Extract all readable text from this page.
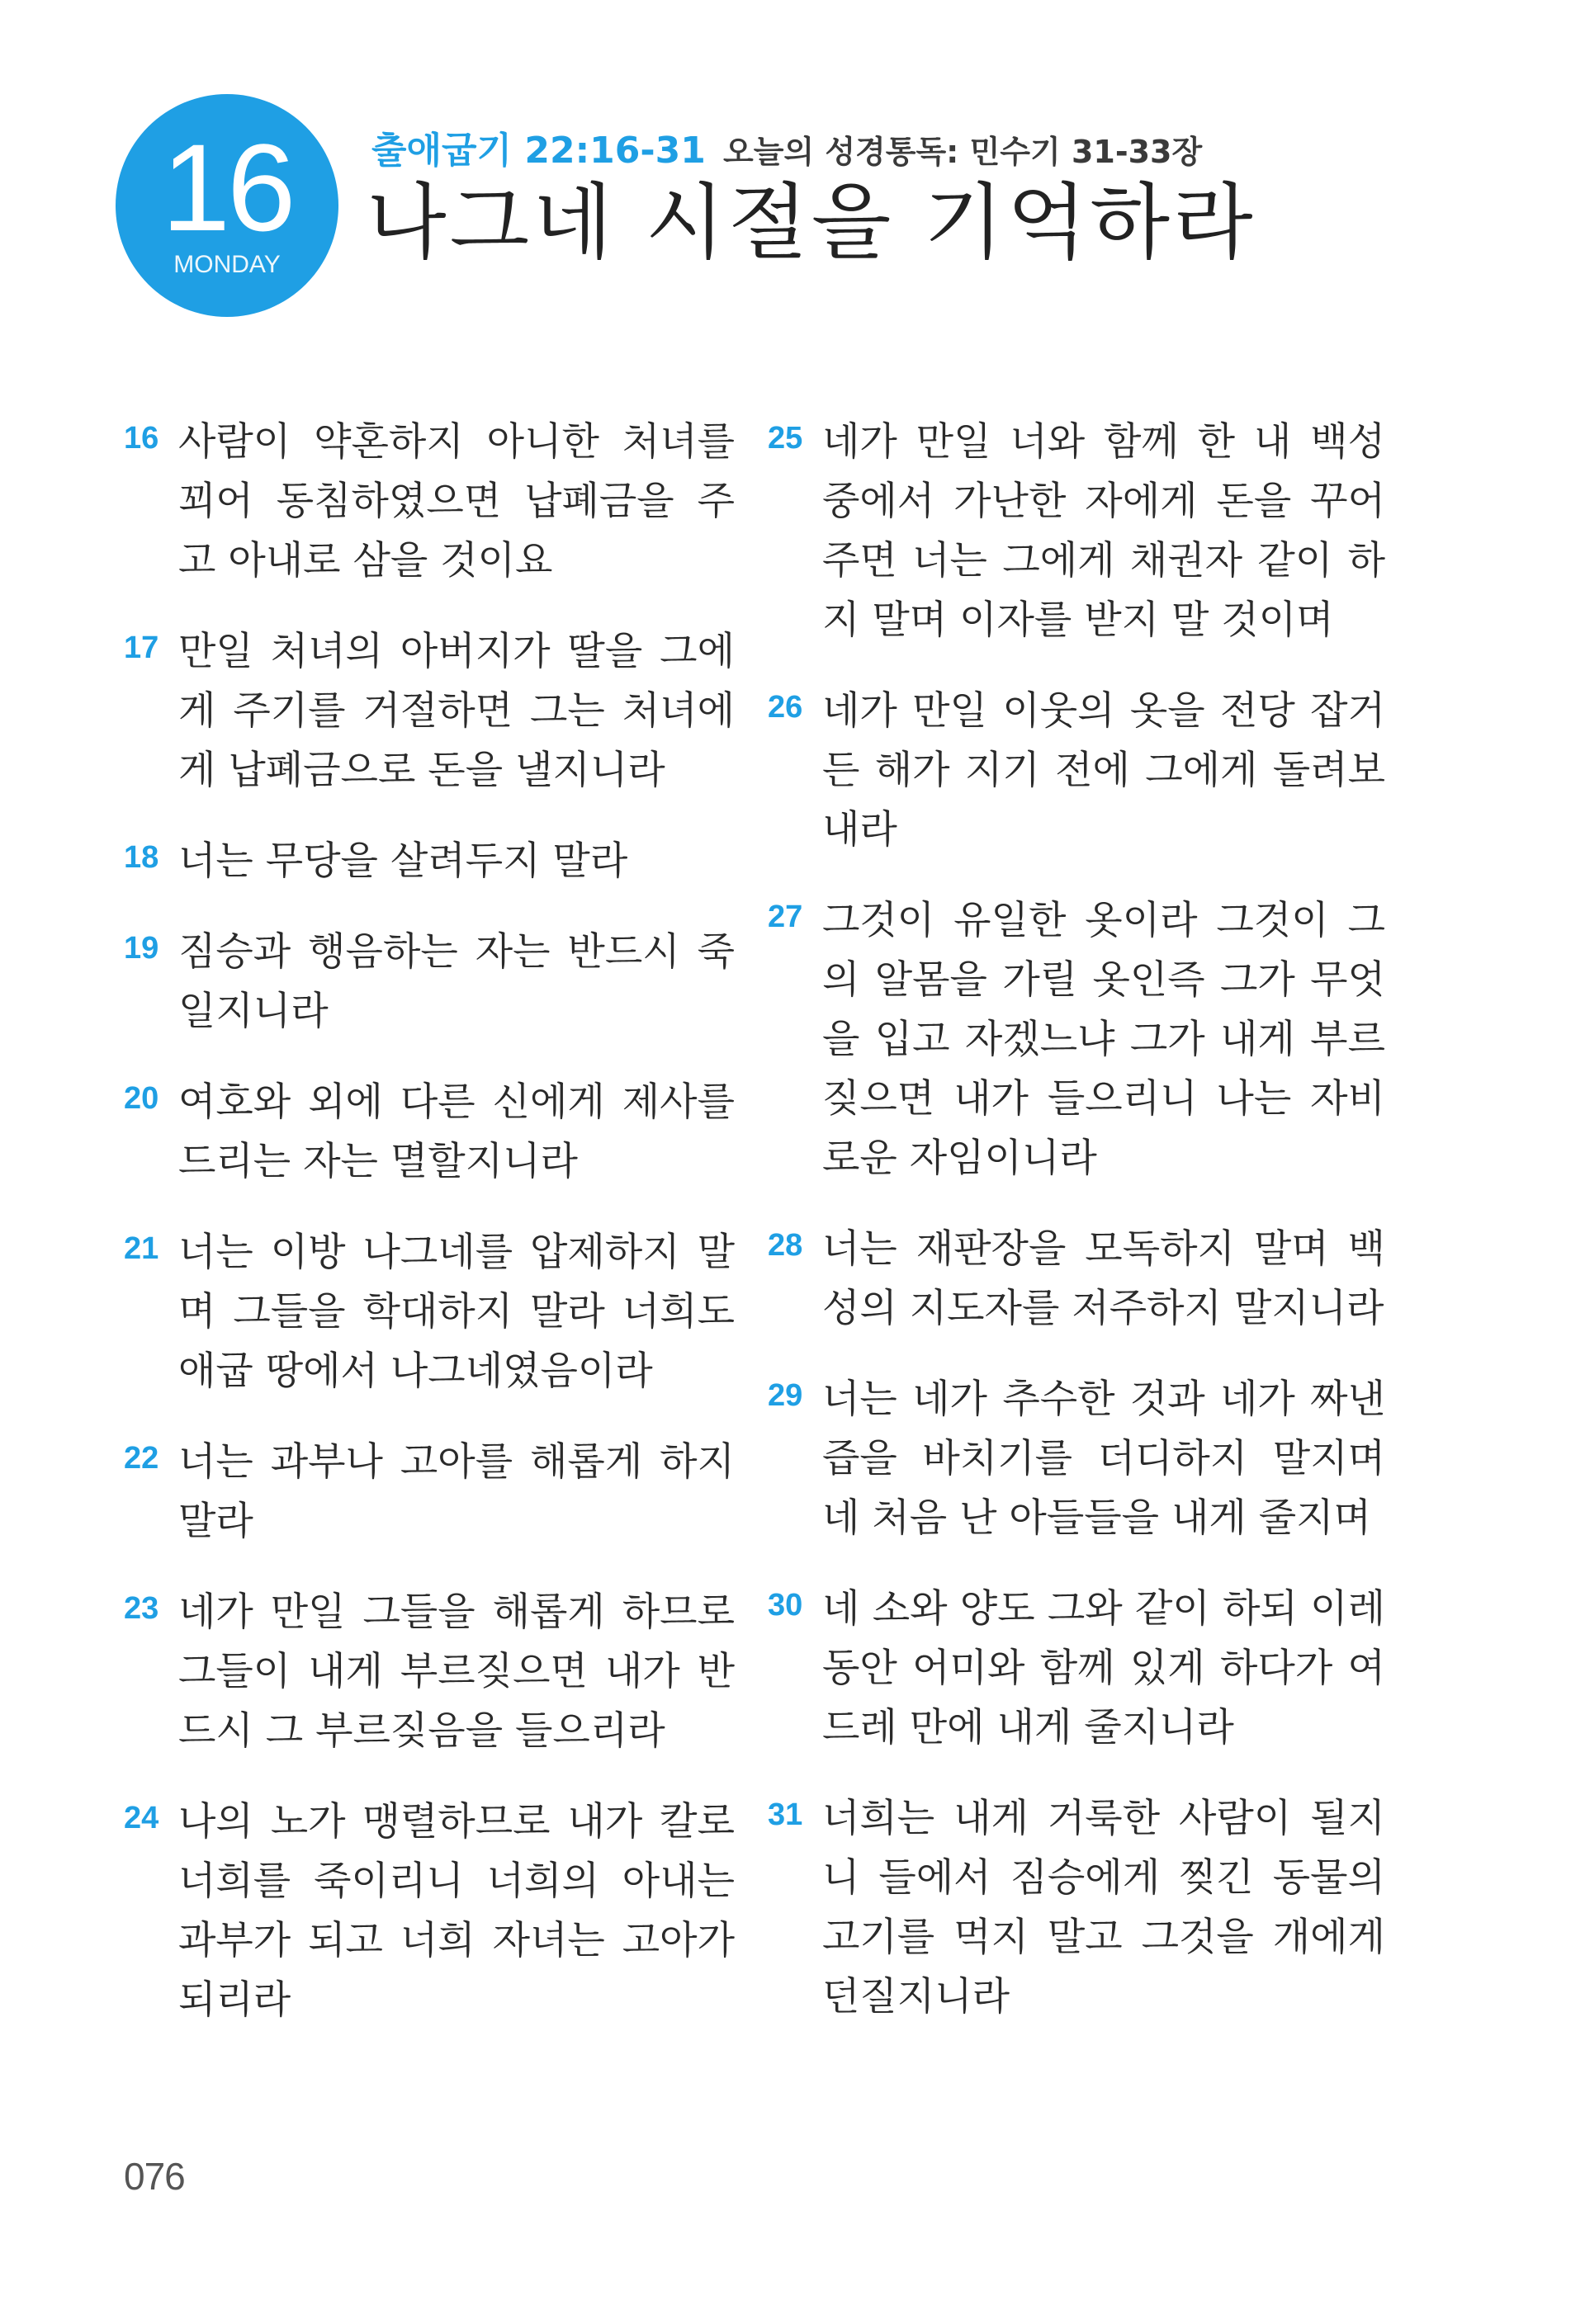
16
MONDAY
출애굽기 22:16-31 오늘의 성경통독: 민수기 31-33장
나그네 시절을 기억하라
16 사람이 약혼하지 아니한 처녀를 꾀어 동침하였으면 납폐금을 주고 아내로 삼을 것이요
17 만일 처녀의 아버지가 딸을 그에게 주기를 거절하면 그는 처녀에게 납폐금으로 돈을 낼지니라
18 너는 무당을 살려두지 말라
19 짐승과 행음하는 자는 반드시 죽일지니라
20 여호와 외에 다른 신에게 제사를 드리는 자는 멸할지니라
21 너는 이방 나그네를 압제하지 말며 그들을 학대하지 말라 너희도 애굽 땅에서 나그네였음이라
22 너는 과부나 고아를 해롭게 하지 말라
23 네가 만일 그들을 해롭게 하므로 그들이 내게 부르짖으면 내가 반드시 그 부르짖음을 들으리라
24 나의 노가 맹렬하므로 내가 칼로 너희를 죽이리니 너희의 아내는 과부가 되고 너희 자녀는 고아가 되리라
25 네가 만일 너와 함께 한 내 백성 중에서 가난한 자에게 돈을 꾸어 주면 너는 그에게 채권자 같이 하지 말며 이자를 받지 말 것이며
26 네가 만일 이웃의 옷을 전당 잡거든 해가 지기 전에 그에게 돌려보내라
27 그것이 유일한 옷이라 그것이 그의 알몸을 가릴 옷인즉 그가 무엇을 입고 자겠느냐 그가 내게 부르짖으면 내가 들으리니 나는 자비로운 자임이니라
28 너는 재판장을 모독하지 말며 백성의 지도자를 저주하지 말지니라
29 너는 네가 추수한 것과 네가 짜낸 즙을 바치기를 더디하지 말지며 네 처음 난 아들들을 내게 줄지며
30 네 소와 양도 그와 같이 하되 이레 동안 어미와 함께 있게 하다가 여드레 만에 내게 줄지니라
31 너희는 내게 거룩한 사람이 될지니 들에서 짐승에게 찢긴 동물의 고기를 먹지 말고 그것을 개에게 던질지니라
076
